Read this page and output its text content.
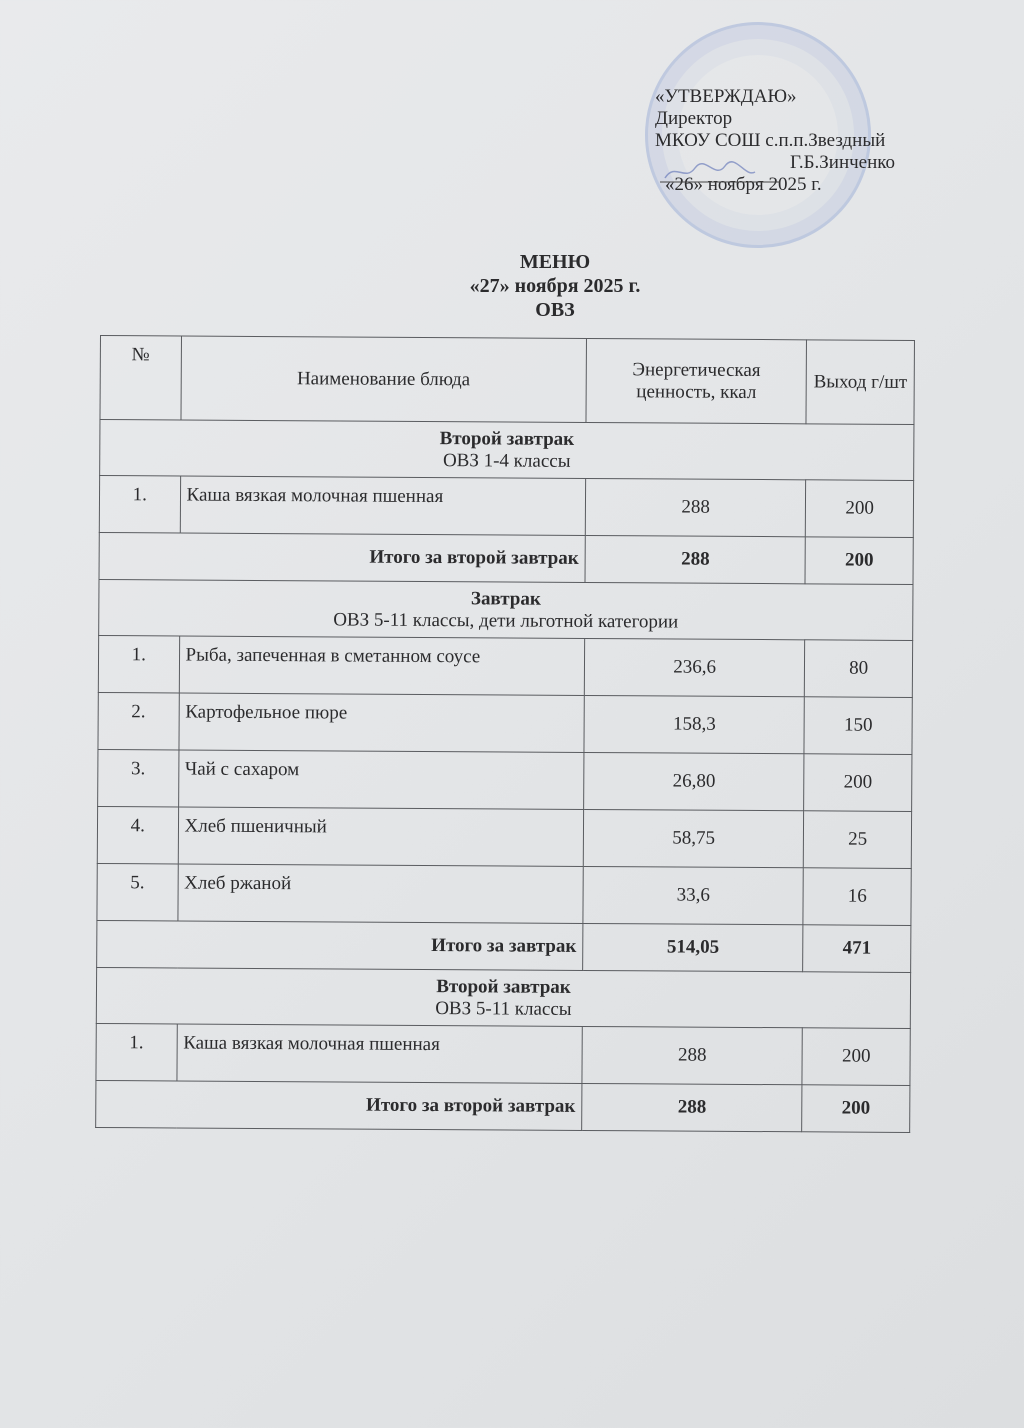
«УТВЕРЖДАЮ»
Директор
МКОУ СОШ с.п.п.Звездный
Г.Б.Зинченко
«26» ноября 2025 г.
МЕНЮ
«27» ноября 2025 г.
ОВЗ
№	Наименование блюда	Энергетическая ценность, ккал	Выход г/шт

Второй завтрак
ОВЗ 1-4 классы			
1.	Каша вязкая молочная пшенная	288	200
Итого за второй завтрак		288	200

Завтрак
ОВЗ 5-11 классы, дети льготной категории			
1.	Рыба, запеченная в сметанном соусе	236,6	80
2.	Картофельное пюре	158,3	150
3.	Чай с сахаром	26,80	200
4.	Хлеб пшеничный	58,75	25
5.	Хлеб ржаной	33,6	16
Итого за завтрак		514,05	471

Второй завтрак
ОВЗ 5-11 классы			
1.	Каша вязкая молочная пшенная	288	200
Итого за второй завтрак		288	200
